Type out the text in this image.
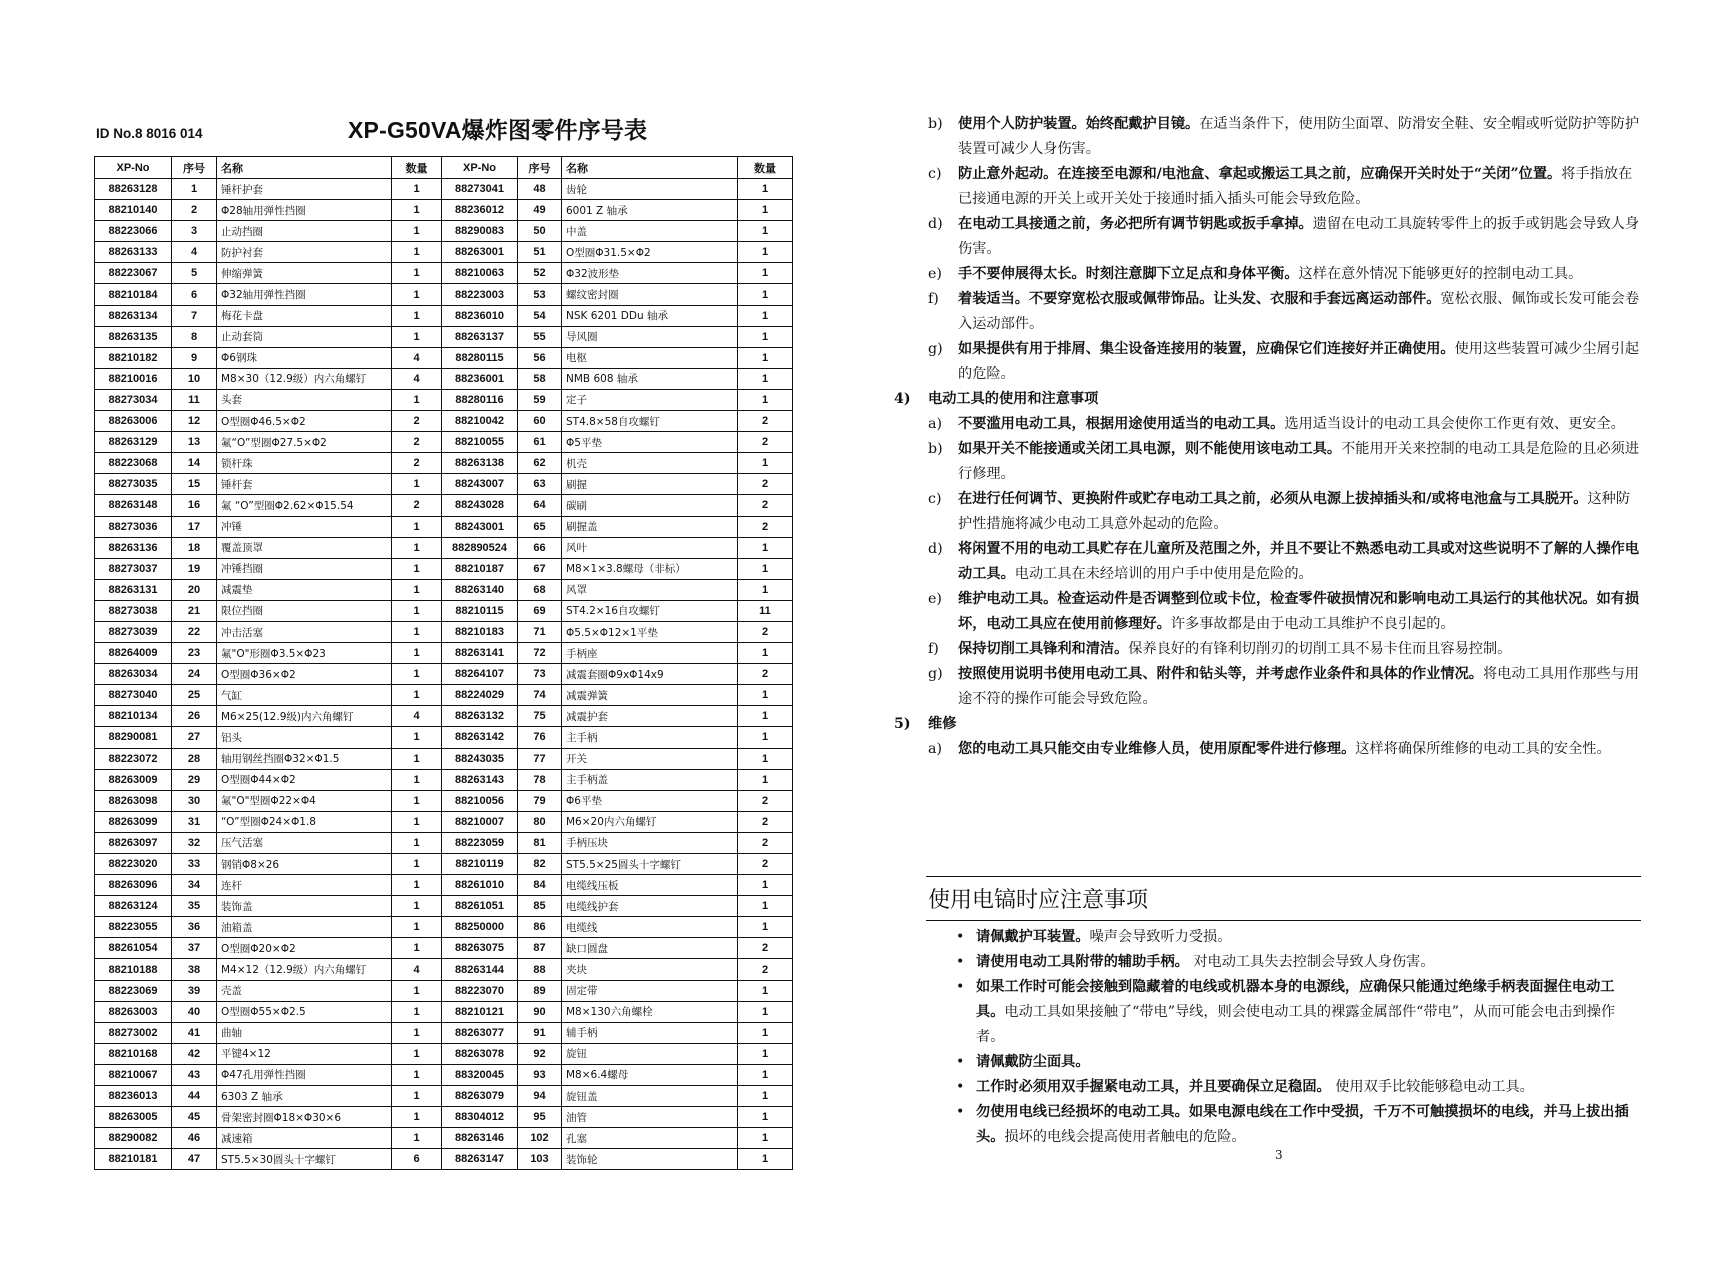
ID No.8 8016 014	XP-G50VA爆炸图零件序号表
XP-No	序号	名称	数量	XP-No	序号	名称	数量
88263128	1	锤杆护套	1	88273041	48	齿轮	1
88210140	2	Φ28轴用弹性挡圈	1	88236012	49	6001 Z 轴承	1
88223066	3	止动挡圈	1	88290083	50	中盖	1
88263133	4	防护衬套	1	88263001	51	O型圈Φ31.5×Φ2	1
88223067	5	伸缩弹簧	1	88210063	52	Φ32波形垫	1
88210184	6	Φ32轴用弹性挡圈	1	88223003	53	螺纹密封圈	1
88263134	7	梅花卡盘	1	88236010	54	NSK 6201 DDu 轴承	1
88263135	8	止动套筒	1	88263137	55	导风圈	1
88210182	9	Φ6钢珠	4	88280115	56	电枢	1
88210016	10	M8×30（12.9级）内六角螺钉	4	88236001	58	NMB 608 轴承	1
88273034	11	头套	1	88280116	59	定子	1
88263006	12	O型圈Φ46.5×Φ2	2	88210042	60	ST4.8×58自攻螺钉	2
88263129	13	氟“O”型圈Φ27.5×Φ2	2	88210055	61	Φ5平垫	2
88223068	14	锁杆珠	2	88263138	62	机壳	1
88273035	15	锤杆套	1	88243007	63	刷握	2
88263148	16	氟 “O”型圈Φ2.62×Φ15.54	2	88243028	64	碳刷	2
88273036	17	冲锤	1	88243001	65	刷握盖	2
88263136	18	覆盖顶罩	1	882890524	66	风叶	1
88273037	19	冲锤挡圈	1	88210187	67	M8×1×3.8螺母（非标）	1
88263131	20	减震垫	1	88263140	68	风罩	1
88273038	21	限位挡圈	1	88210115	69	ST4.2×16自攻螺钉	11
88273039	22	冲击活塞	1	88210183	71	Φ5.5×Φ12×1平垫	2
88264009	23	氟"O"形圈Φ3.5×Φ23	1	88263141	72	手柄座	1
88263034	24	O型圈Φ36×Φ2	1	88264107	73	减震套圈Φ9xΦ14x9	2
88273040	25	气缸	1	88224029	74	减震弹簧	1
88210134	26	M6×25(12.9级)内六角螺钉	4	88263132	75	减震护套	1
88290081	27	铝头	1	88263142	76	主手柄	1
88223072	28	轴用钢丝挡圈Φ32×Φ1.5	1	88243035	77	开关	1
88263009	29	O型圈Φ44×Φ2	1	88263143	78	主手柄盖	1
88263098	30	氟"O"型圈Φ22×Φ4	1	88210056	79	Φ6平垫	2
88263099	31	“O”型圈Φ24×Φ1.8	1	88210007	80	M6×20内六角螺钉	2
88263097	32	压气活塞	1	88223059	81	手柄压块	2
88223020	33	钢销Φ8×26	1	88210119	82	ST5.5×25圆头十字螺钉	2
88263096	34	连杆	1	88261010	84	电缆线压板	1
88263124	35	装饰盖	1	88261051	85	电缆线护套	1
88223055	36	油箱盖	1	88250000	86	电缆线	1
88261054	37	O型圈Φ20×Φ2	1	88263075	87	缺口圆盘	2
88210188	38	M4×12（12.9级）内六角螺钉	4	88263144	88	夹块	2
88223069	39	壳盖	1	88223070	89	固定带	1
88263003	40	O型圈Φ55×Φ2.5	1	88210121	90	M8×130六角螺栓	1
88273002	41	曲轴	1	88263077	91	辅手柄	1
88210168	42	平键4×12	1	88263078	92	旋钮	1
88210067	43	Φ47孔用弹性挡圈	1	88320045	93	M8×6.4螺母	1
88236013	44	6303 Z 轴承	1	88263079	94	旋钮盖	1
88263005	45	骨架密封圈Φ18×Φ30×6	1	88304012	95	油管	1
88290082	46	减速箱	1	88263146	102	孔塞	1
88210181	47	ST5.5×30圆头十字螺钉	6	88263147	103	装饰轮	1
b) 使用个人防护装置。始终配戴护目镜。在适当条件下，使用防尘面罩、防滑安全鞋、安全帽或听觉防护等防护装置可减少人身伤害。
c) 防止意外起动。在连接至电源和/电池盒、拿起或搬运工具之前，应确保开关时处于“关闭”位置。将手指放在已接通电源的开关上或开关处于接通时插入插头可能会导致危险。
d) 在电动工具接通之前，务必把所有调节钥匙或扳手拿掉。遗留在电动工具旋转零件上的扳手或钥匙会导致人身伤害。
e) 手不要伸展得太长。时刻注意脚下立足点和身体平衡。这样在意外情况下能够更好的控制电动工具。
f) 着装适当。不要穿宽松衣服或佩带饰品。让头发、衣服和手套远离运动部件。宽松衣服、佩饰或长发可能会卷入运动部件。
g) 如果提供有用于排屑、集尘设备连接用的装置，应确保它们连接好并正确使用。使用这些装置可减少尘屑引起的危险。
4) 电动工具的使用和注意事项
a) 不要滥用电动工具，根据用途使用适当的电动工具。选用适当设计的电动工具会使你工作更有效、更安全。
b) 如果开关不能接通或关闭工具电源，则不能使用该电动工具。不能用开关来控制的电动工具是危险的且必须进行修理。
c) 在进行任何调节、更换附件或贮存电动工具之前，必须从电源上拔掉插头和/或将电池盒与工具脱开。这种防护性措施将减少电动工具意外起动的危险。
d) 将闲置不用的电动工具贮存在儿童所及范围之外，并且不要让不熟悉电动工具或对这些说明不了解的人操作电动工具。电动工具在未经培训的用户手中使用是危险的。
e) 维护电动工具。检查运动件是否调整到位或卡位，检查零件破损情况和影响电动工具运行的其他状况。如有损坏，电动工具应在使用前修理好。许多事故都是由于电动工具维护不良引起的。
f) 保持切削工具锋利和清洁。保养良好的有锋利切削刃的切削工具不易卡住而且容易控制。
g) 按照使用说明书使用电动工具、附件和钻头等，并考虑作业条件和具体的作业情况。将电动工具用作那些与用途不符的操作可能会导致危险。
5) 维修
a) 您的电动工具只能交由专业维修人员，使用原配零件进行修理。这样将确保所维修的电动工具的安全性。
使用电镐时应注意事项
• 请佩戴护耳装置。噪声会导致听力受损。
• 请使用电动工具附带的辅助手柄。 对电动工具失去控制会导致人身伤害。
• 如果工作时可能会接触到隐藏着的电线或机器本身的电源线，应确保只能通过绝缘手柄表面握住电动工具。电动工具如果接触了“带电”导线，则会使电动工具的裸露金属部件“带电”，从而可能会电击到操作者。
• 请佩戴防尘面具。
• 工作时必须用双手握紧电动工具，并且要确保立足稳固。 使用双手比较能够稳电动工具。
• 勿使用电线已经损坏的电动工具。如果电源电线在工作中受损，千万不可触摸损坏的电线，并马上拔出插头。损坏的电线会提高使用者触电的危险。
3
